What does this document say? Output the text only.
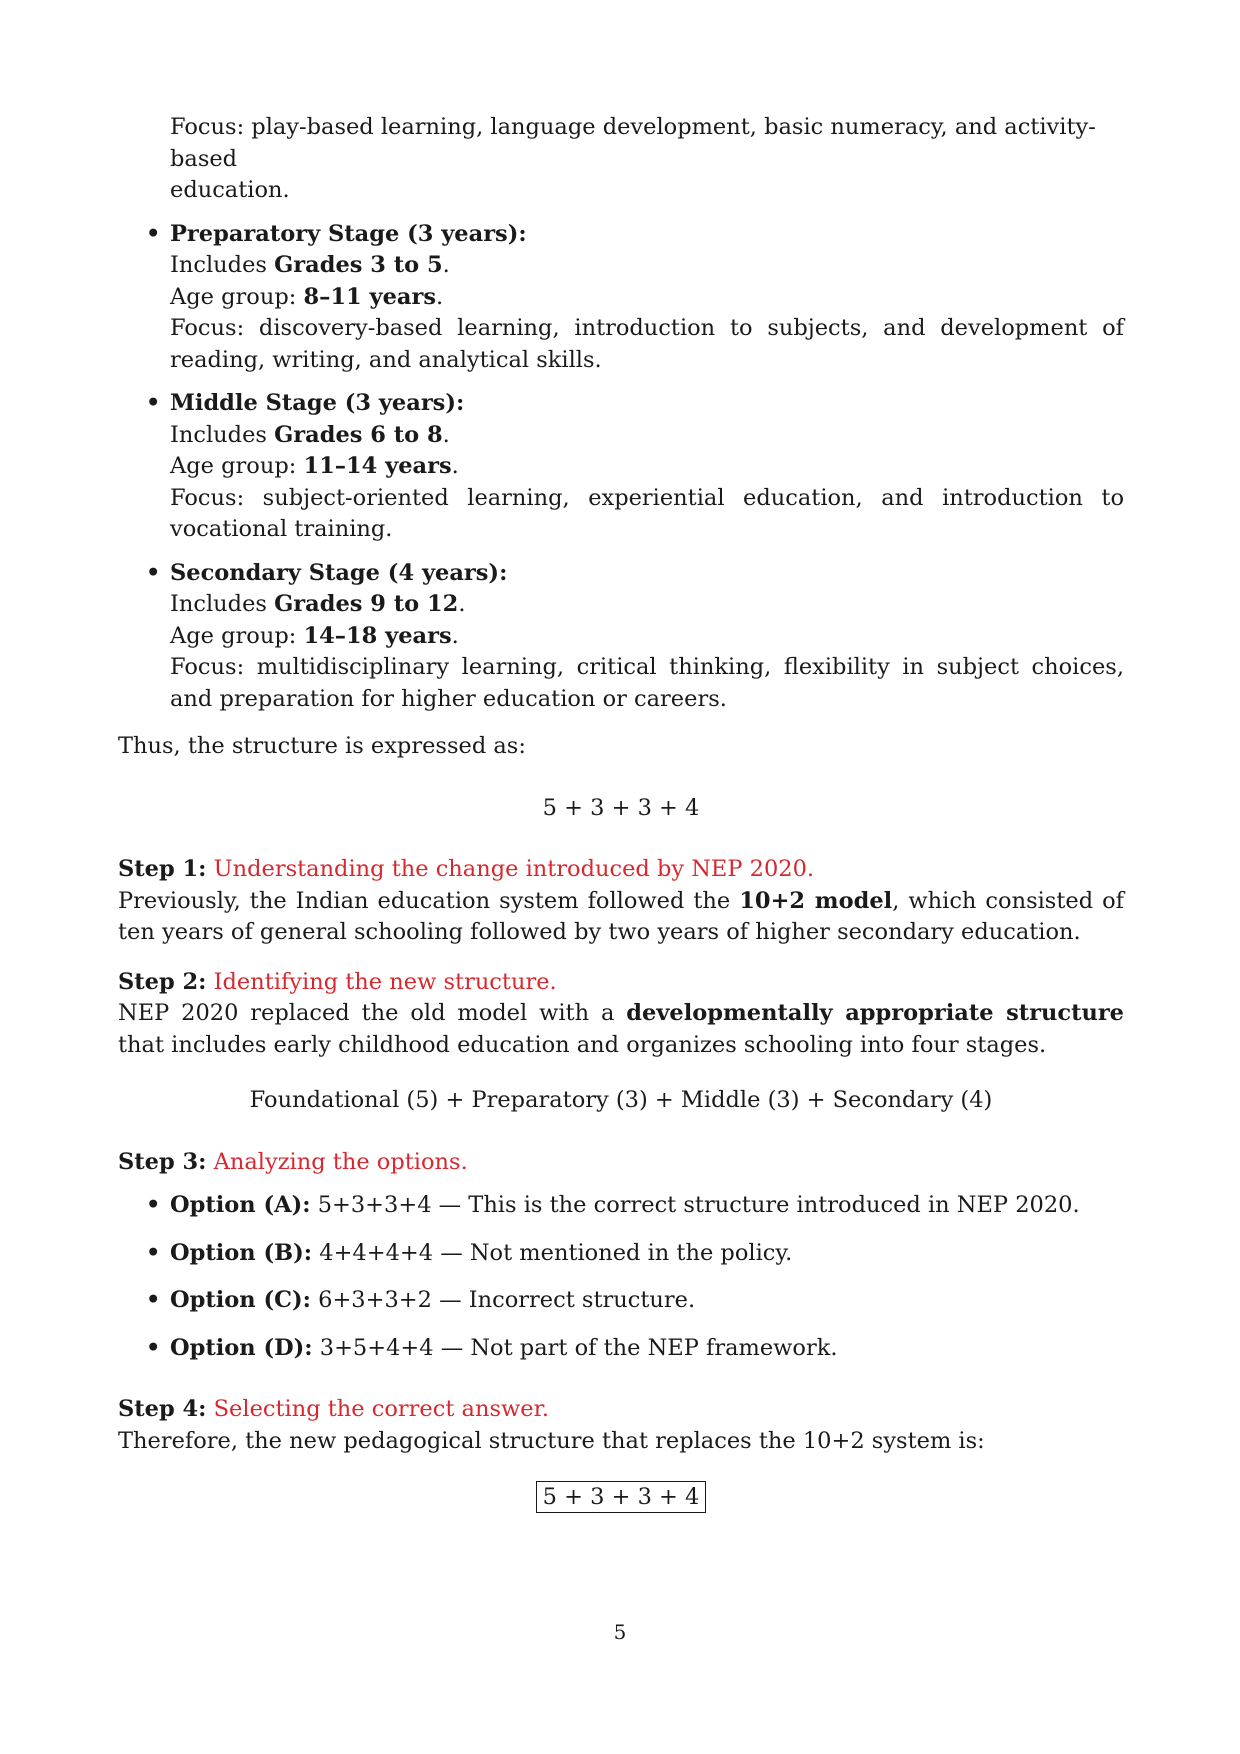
Focus: play-based learning, language development, basic numeracy, and activity-based
education.
• Preparatory Stage (3 years):
Includes Grades 3 to 5.
Age group: 8–11 years.
Focus: discovery-based learning, introduction to subjects, and development of reading, writing, and analytical skills.
• Middle Stage (3 years):
Includes Grades 6 to 8.
Age group: 11–14 years.
Focus: subject-oriented learning, experiential education, and introduction to vocational training.
• Secondary Stage (4 years):
Includes Grades 9 to 12.
Age group: 14–18 years.
Focus: multidisciplinary learning, critical thinking, flexibility in subject choices, and preparation for higher education or careers.

Thus, the structure is expressed as:

5 + 3 + 3 + 4

Step 1: Understanding the change introduced by NEP 2020.
Previously, the Indian education system followed the 10+2 model, which consisted of ten years of general schooling followed by two years of higher secondary education.
Step 2: Identifying the new structure.
NEP 2020 replaced the old model with a developmentally appropriate structure that includes early childhood education and organizes schooling into four stages.

Foundational (5) + Preparatory (3) + Middle (3) + Secondary (4)

Step 3: Analyzing the options.
• Option (A): 5+3+3+4 — This is the correct structure introduced in NEP 2020.
• Option (B): 4+4+4+4 — Not mentioned in the policy.
• Option (C): 6+3+3+2 — Incorrect structure.
• Option (D): 3+5+4+4 — Not part of the NEP framework.
Step 4: Selecting the correct answer.
Therefore, the new pedagogical structure that replaces the 10+2 system is:

5 + 3 + 3 + 4

5
